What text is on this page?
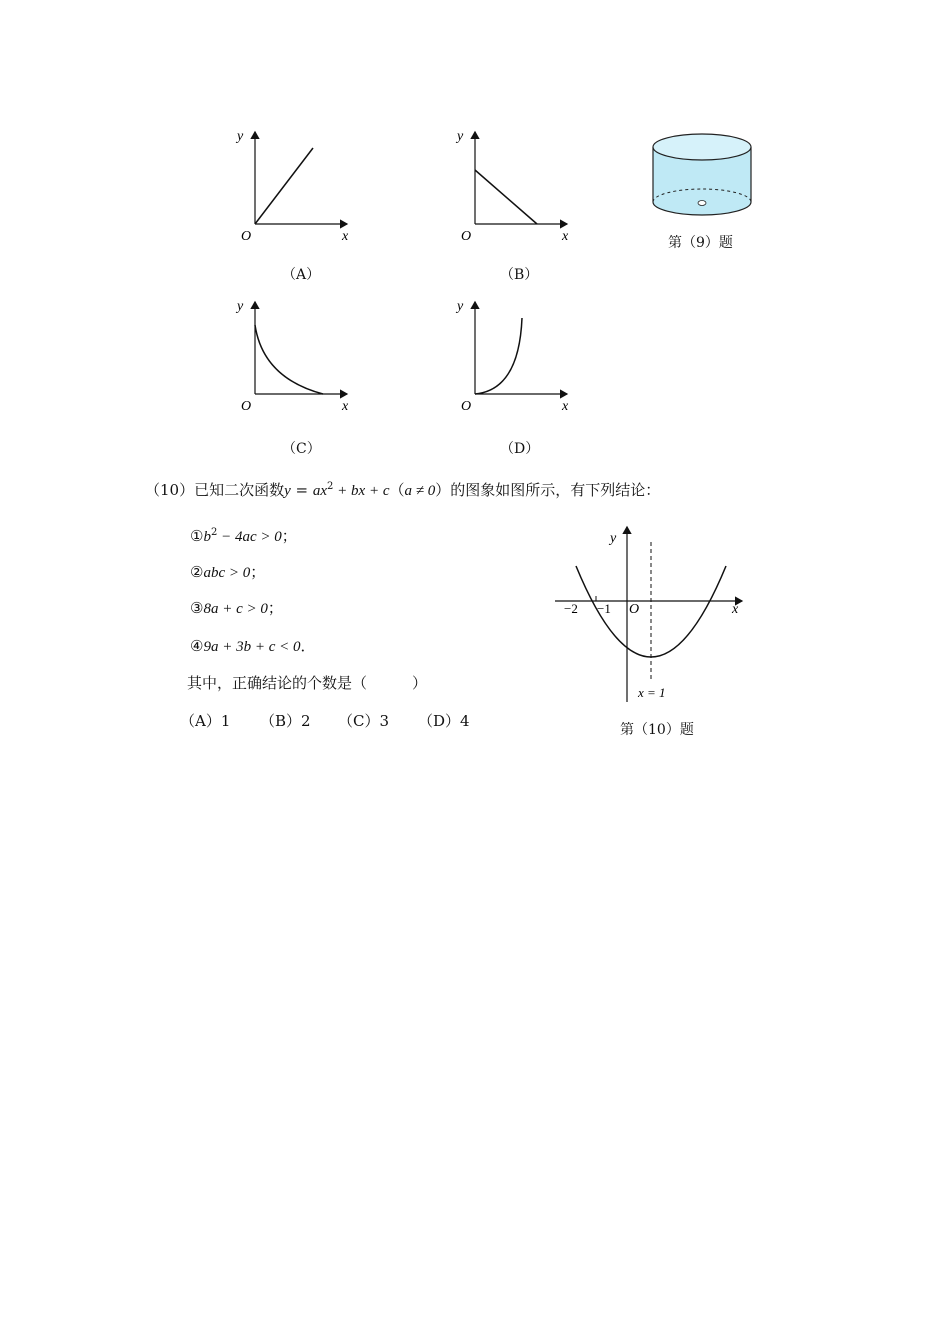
y
x
O
（A）
y
x
O
（B）
第（9）题
y
x
O
（C）
y
x
O
（D）
（10）已知二次函数$y = ax^2$ + bx + c（a ≠ 0）的图象如图所示，有下列结论：
$①b^2 - 4ac > 0$；
②abc > 0；
③8a + c > 0；
④9a + 3b + c < 0．
其中，正确结论的个数是（　　　）
（A）1 （B）2 （C）3 （D）4
y
x
O
−2 −1
x = 1
第（10）题
